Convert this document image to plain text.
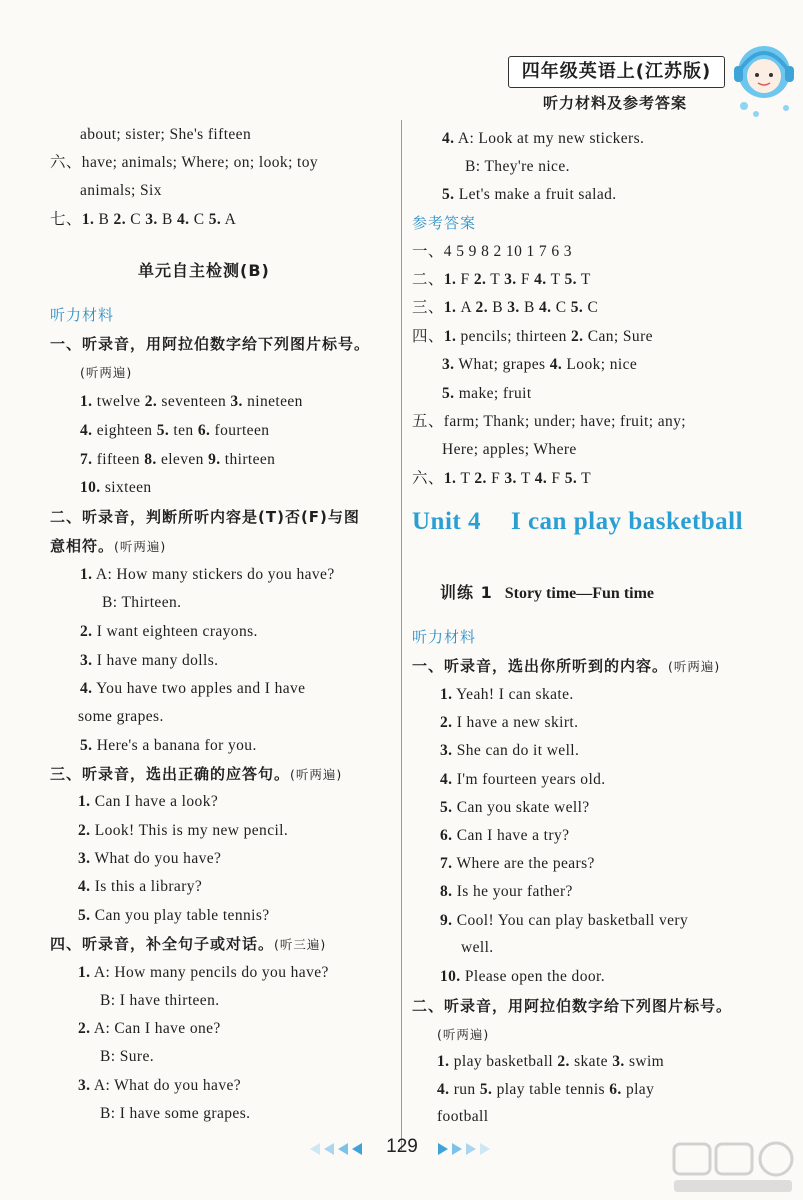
四年级英语上(江苏版)
听力材料及参考答案
about; sister; She's fifteen
六、have; animals; Where; on; look; toy
animals; Six
七、1. B 2. C 3. B 4. C 5. A
单元自主检测(B)
听力材料
一、听录音，用阿拉伯数字给下列图片标号。
(听两遍)
1. twelve 2. seventeen 3. nineteen
4. eighteen 5. ten 6. fourteen
7. fifteen 8. eleven 9. thirteen
10. sixteen
二、听录音，判断所听内容是(T)否(F)与图
意相符。(听两遍)
1. A: How many stickers do you have?
B: Thirteen.
2. I want eighteen crayons.
3. I have many dolls.
4. You have two apples and I have
some grapes.
5. Here's a banana for you.
三、听录音，选出正确的应答句。(听两遍)
1. Can I have a look?
2. Look! This is my new pencil.
3. What do you have?
4. Is this a library?
5. Can you play table tennis?
四、听录音，补全句子或对话。(听三遍)
1. A: How many pencils do you have?
B: I have thirteen.
2. A: Can I have one?
B: Sure.
3. A: What do you have?
B: I have some grapes.
4. A: Look at my new stickers.
B: They're nice.
5. Let's make a fruit salad.
参考答案
一、4 5 9 8 2 10 1 7 6 3
二、1. F 2. T 3. F 4. T 5. T
三、1. A 2. B 3. B 4. C 5. C
四、1. pencils; thirteen 2. Can; Sure
3. What; grapes 4. Look; nice
5. make; fruit
五、farm; Thank; under; have; fruit; any;
Here; apples; Where
六、1. T 2. F 3. T 4. F 5. T
Unit 4 I can play basketball
训练 1 Story time—Fun time
听力材料
一、听录音，选出你所听到的内容。(听两遍)
1. Yeah! I can skate.
2. I have a new skirt.
3. She can do it well.
4. I'm fourteen years old.
5. Can you skate well?
6. Can I have a try?
7. Where are the pears?
8. Is he your father?
9. Cool! You can play basketball very
well.
10. Please open the door.
二、听录音，用阿拉伯数字给下列图片标号。
(听两遍)
1. play basketball 2. skate 3. swim
4. run 5. play table tennis 6. play
football
129
